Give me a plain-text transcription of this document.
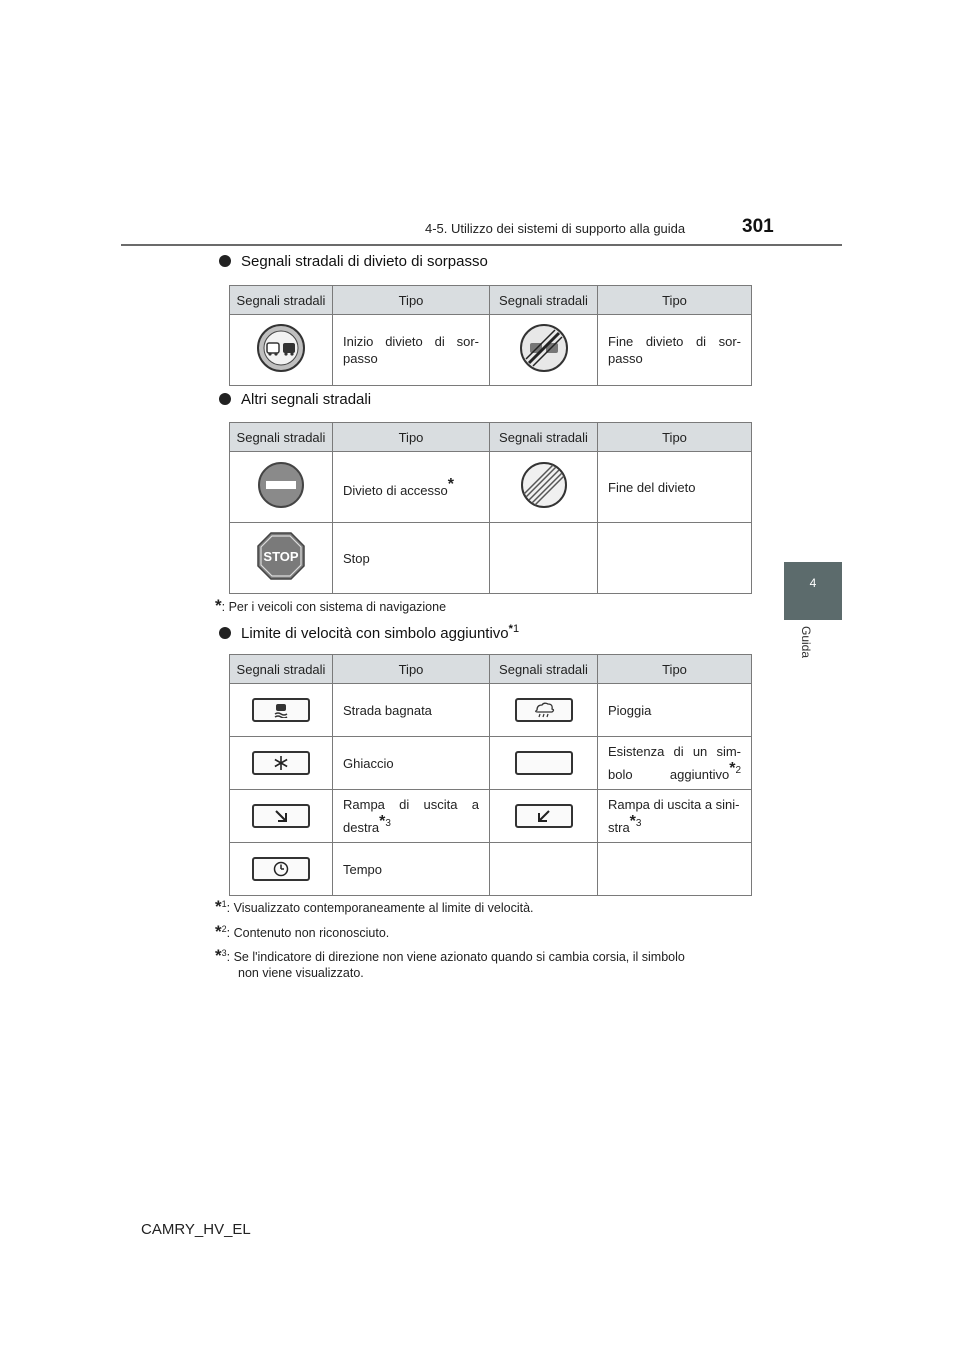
4-5. Utilizzo dei sistemi di supporto alla guida	301
4
Guida
Segnali stradali di divieto di sorpasso
Segnali stradali	Tipo	Segnali stradali	Tipo
	Inizio divieto di sor-passo		Fine divieto di sor-passo
Altri segnali stradali
Segnali stradali	Tipo	Segnali stradali	Tipo
	Divieto di accesso*		Fine del divieto

STOP	Stop		
*: Per i veicoli con sistema di navigazione
Limite di velocità con simbolo aggiuntivo$^{*1}$
Segnali stradali	Tipo	Segnali stradali	Tipo

	Strada bagnata		Pioggia

	Ghiaccio		Esistenza di un sim-bolo aggiuntivo$^{*2}$

	Rampa di uscita a destra$^{*3}$		Rampa di uscita a sini-stra$^{*3}$

	Tempo		
*$^1$: Visualizzato contemporaneamente al limite di velocità.
*$^2$: Contenuto non riconosciuto.
*$^3$: Se l'indicatore di direzione non viene azionato quando si cambia corsia, il simbolo
non viene visualizzato.
CAMRY_HV_EL
